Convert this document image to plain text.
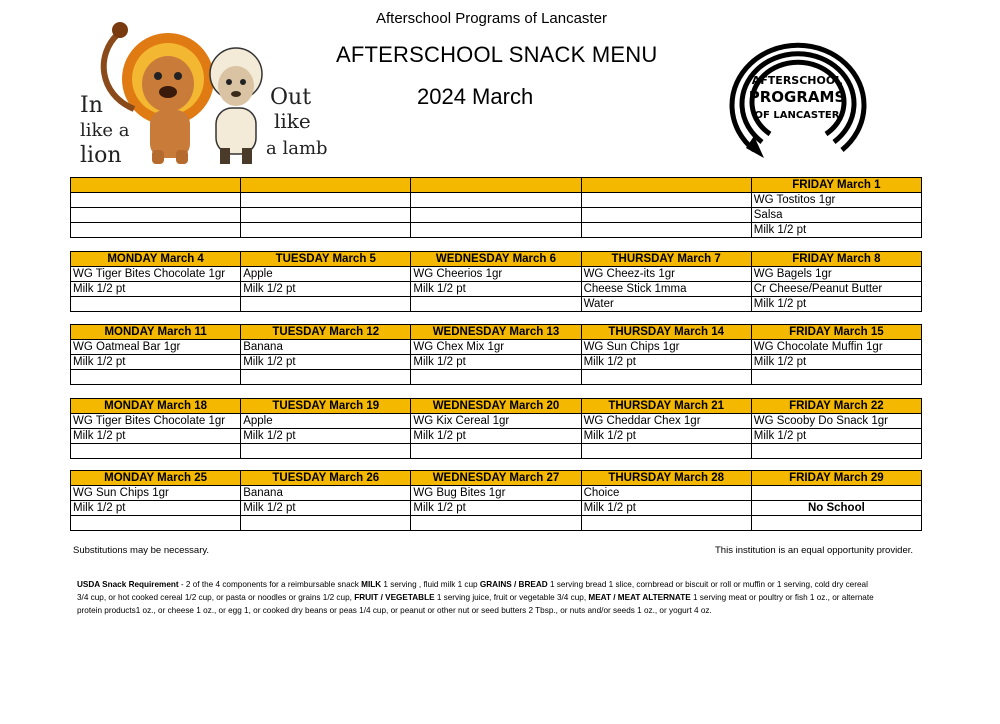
Afterschool Programs of Lancaster
AFTERSCHOOL SNACK MENU
2024 March
In
like a
lion
Out
like
a lamb
AFTERSCHOOL
PROGRAMS
OF LANCASTER
				FRIDAY March 1
				WG Tostitos 1gr
				Salsa
				Milk 1/2 pt
MONDAY March 4	TUESDAY March 5	WEDNESDAY March 6	THURSDAY March 7	FRIDAY March 8
WG Tiger Bites Chocolate 1gr	Apple	WG Cheerios 1gr	WG Cheez-its 1gr	WG Bagels 1gr
Milk 1/2 pt	Milk 1/2 pt	Milk 1/2 pt	Cheese Stick 1mma	Cr Cheese/Peanut Butter
			Water	Milk 1/2 pt
MONDAY March 11	TUESDAY March 12	WEDNESDAY March 13	THURSDAY March 14	FRIDAY March 15
WG Oatmeal Bar 1gr	Banana	WG Chex Mix 1gr	WG Sun Chips 1gr	WG Chocolate Muffin 1gr
Milk 1/2 pt	Milk 1/2 pt	Milk 1/2 pt	Milk 1/2 pt	Milk 1/2 pt

MONDAY March 18	TUESDAY March 19	WEDNESDAY March 20	THURSDAY March 21	FRIDAY March 22
WG Tiger Bites Chocolate 1gr	Apple	WG Kix Cereal 1gr	WG Cheddar Chex 1gr	WG Scooby Do Snack 1gr
Milk 1/2 pt	Milk 1/2 pt	Milk 1/2 pt	Milk 1/2 pt	Milk 1/2 pt

MONDAY March 25	TUESDAY March 26	WEDNESDAY March 27	THURSDAY March 28	FRIDAY March 29
WG Sun Chips 1gr	Banana	WG Bug Bites 1gr	Choice	
Milk 1/2 pt	Milk 1/2 pt	Milk 1/2 pt	Milk 1/2 pt	No School

Substitutions may be necessary.	This institution is an equal opportunity provider.
USDA Snack Requirement - 2 of the 4 components for a reimbursable snack MILK 1 serving , fluid milk 1 cup GRAINS / BREAD 1 serving bread 1 slice, cornbread or biscuit or roll or muffin or 1 serving, cold dry cereal 3/4 cup, or hot cooked cereal 1/2 cup, or pasta or noodles or grains 1/2 cup, FRUIT / VEGETABLE 1 serving juice, fruit or vegetable 3/4 cup, MEAT / MEAT ALTERNATE 1 serving meat or poultry or fish 1 oz., or alternate protein products1 oz., or cheese 1 oz., or egg 1, or cooked dry beans or peas 1/4 cup, or peanut or other nut or seed butters 2 Tbsp., or nuts and/or seeds 1 oz., or yogurt 4 oz.
